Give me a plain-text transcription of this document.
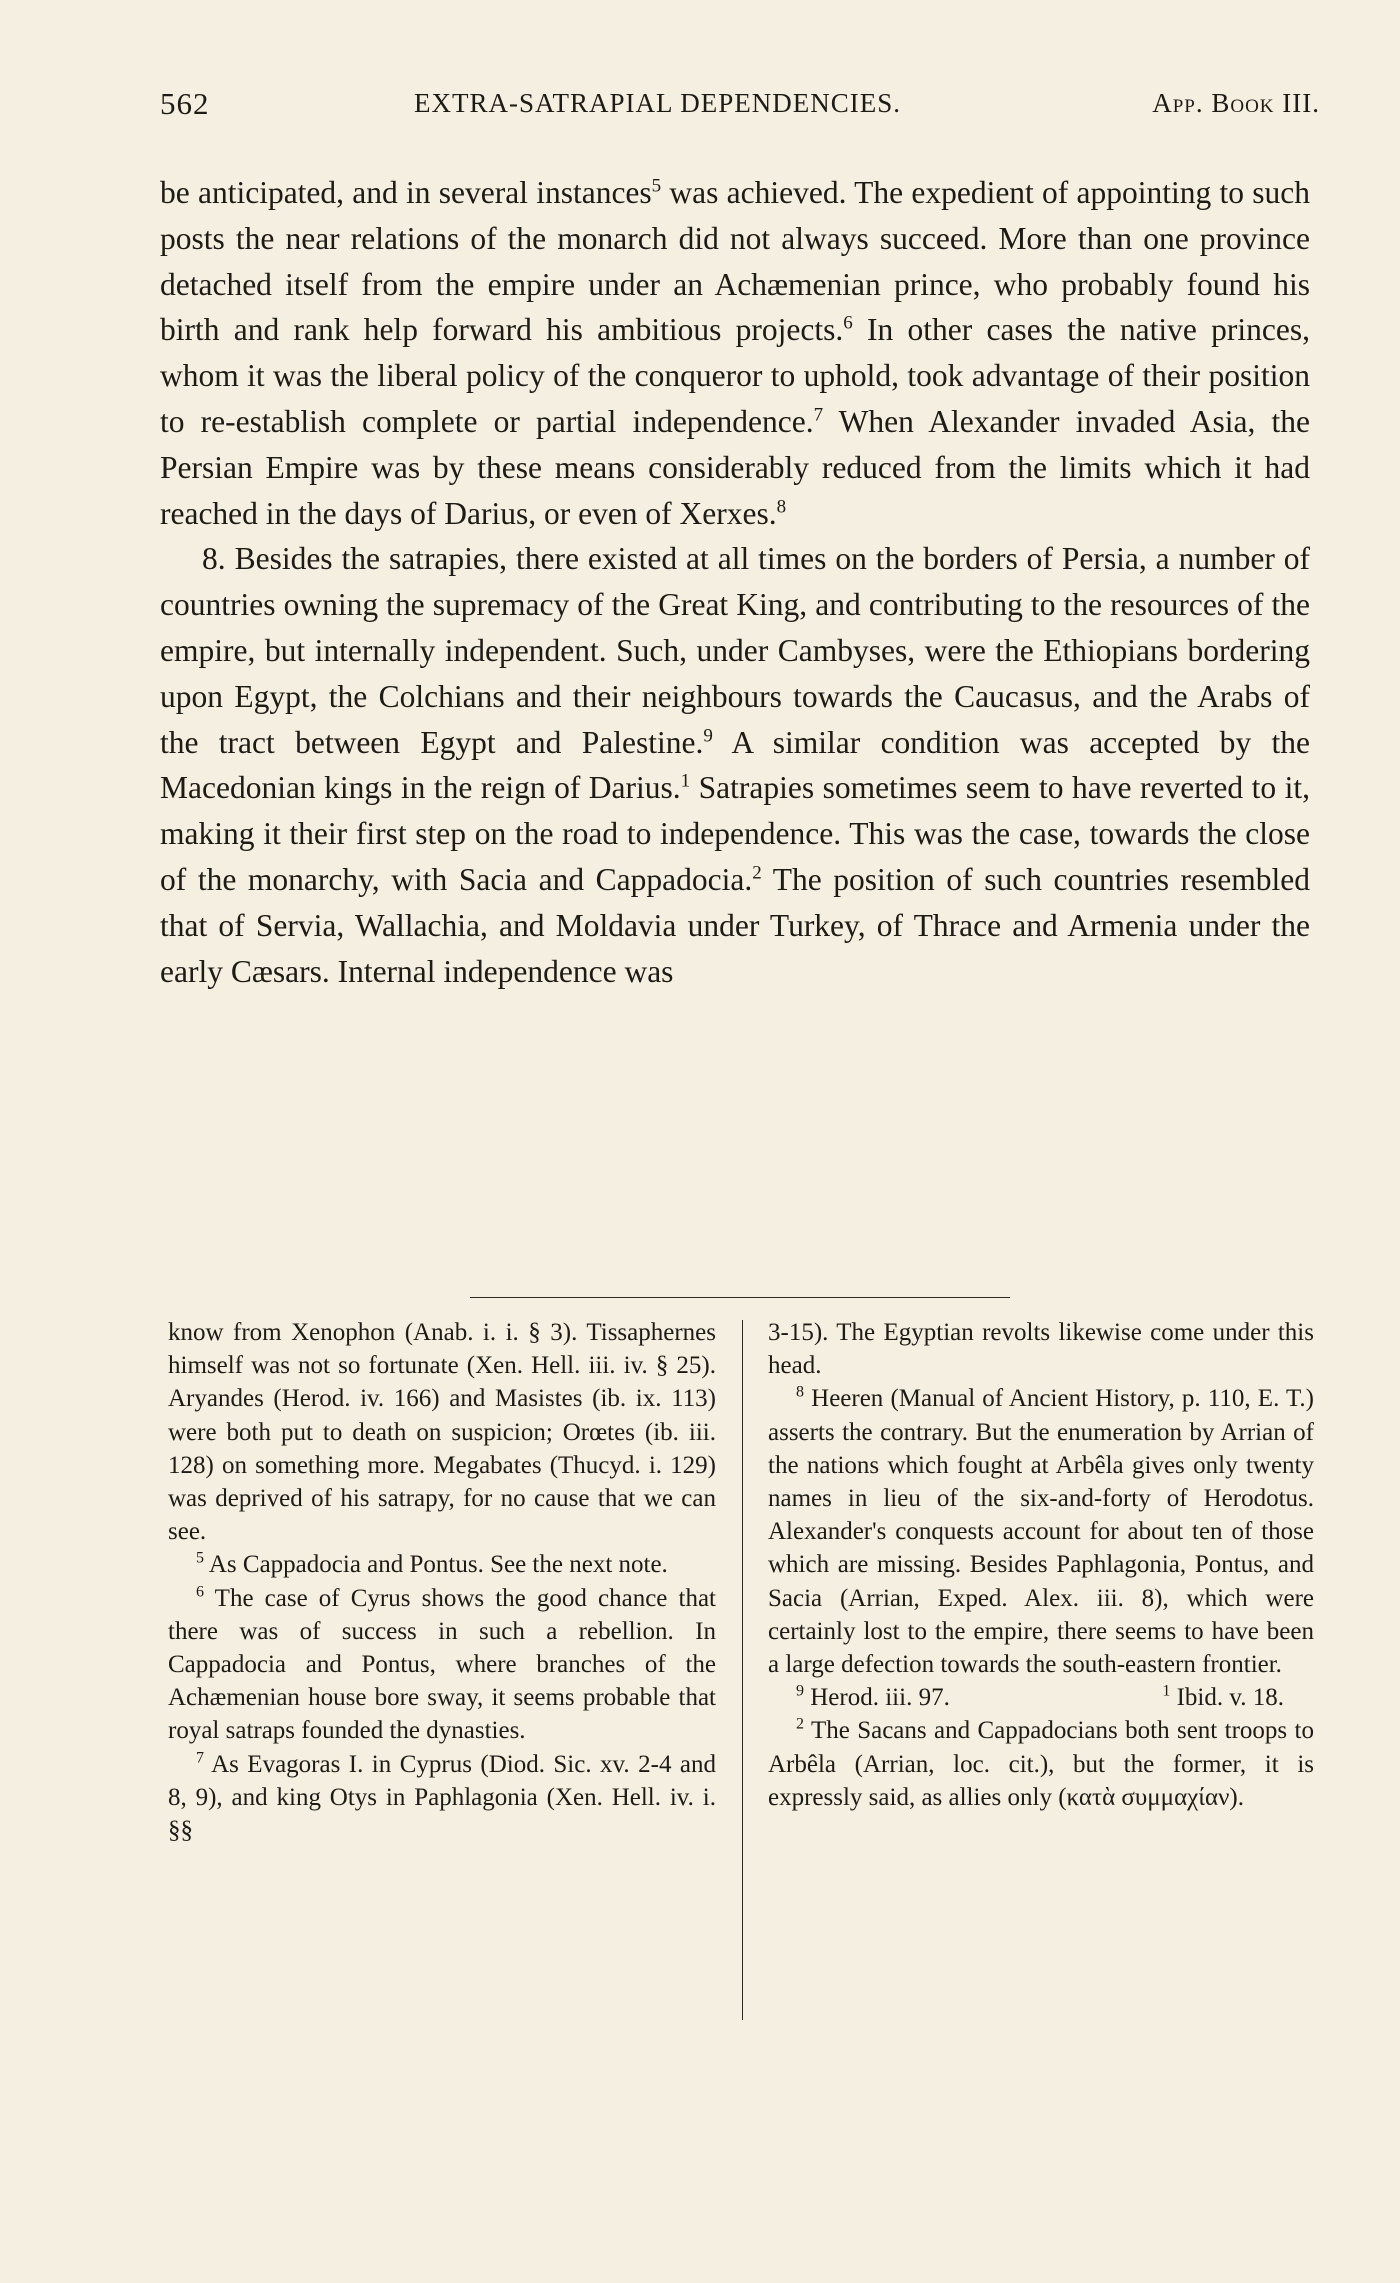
562	EXTRA-SATRAPIAL DEPENDENCIES.	App. Book III.

be anticipated, and in several instances$^5$ was achieved. The expedient of appointing to such posts the near relations of the monarch did not always succeed. More than one province detached itself from the empire under an Achæmenian prince, who probably found his birth and rank help forward his ambitious projects.$^6$ In other cases the native princes, whom it was the liberal policy of the conqueror to uphold, took advantage of their position to re-establish complete or partial independence.$^7$ When Alexander invaded Asia, the Persian Empire was by these means considerably reduced from the limits which it had reached in the days of Darius, or even of Xerxes.$^8$

8. Besides the satrapies, there existed at all times on the borders of Persia, a number of countries owning the supremacy of the Great King, and contributing to the resources of the empire, but internally independent. Such, under Cambyses, were the Ethiopians bordering upon Egypt, the Colchians and their neighbours towards the Caucasus, and the Arabs of the tract between Egypt and Palestine.$^9$ A similar condition was accepted by the Macedonian kings in the reign of Darius.$^1$ Satrapies sometimes seem to have reverted to it, making it their first step on the road to independence. This was the case, towards the close of the monarchy, with Sacia and Cappadocia.$^2$ The position of such countries resembled that of Servia, Wallachia, and Moldavia under Turkey, of Thrace and Armenia under the early Cæsars. Internal independence was

know from Xenophon (Anab. i. i. § 3). Tissaphernes himself was not so fortunate (Xen. Hell. iii. iv. § 25). Aryandes (Herod. iv. 166) and Masistes (ib. ix. 113) were both put to death on suspicion; Orœtes (ib. iii. 128) on something more. Megabates (Thucyd. i. 129) was deprived of his satrapy, for no cause that we can see.

$^5$ As Cappadocia and Pontus. See the next note.

$^6$ The case of Cyrus shows the good chance that there was of success in such a rebellion. In Cappadocia and Pontus, where branches of the Achæmenian house bore sway, it seems probable that royal satraps founded the dynasties.

$^7$ As Evagoras I. in Cyprus (Diod. Sic. xv. 2-4 and 8, 9), and king Otys in Paphlagonia (Xen. Hell. iv. i. §§

3-15). The Egyptian revolts likewise come under this head.

$^8$ Heeren (Manual of Ancient History, p. 110, E. T.) asserts the contrary. But the enumeration by Arrian of the nations which fought at Arbêla gives only twenty names in lieu of the six-and-forty of Herodotus. Alexander's conquests account for about ten of those which are missing. Besides Paphlagonia, Pontus, and Sacia (Arrian, Exped. Alex. iii. 8), which were certainly lost to the empire, there seems to have been a large defection towards the south-eastern frontier.

$^9$ Herod. iii. 97.	$^1$ Ibid. v. 18.

$^2$ The Sacans and Cappadocians both sent troops to Arbêla (Arrian, loc. cit.), but the former, it is expressly said, as allies only (κατὰ συμμαχίαν).
